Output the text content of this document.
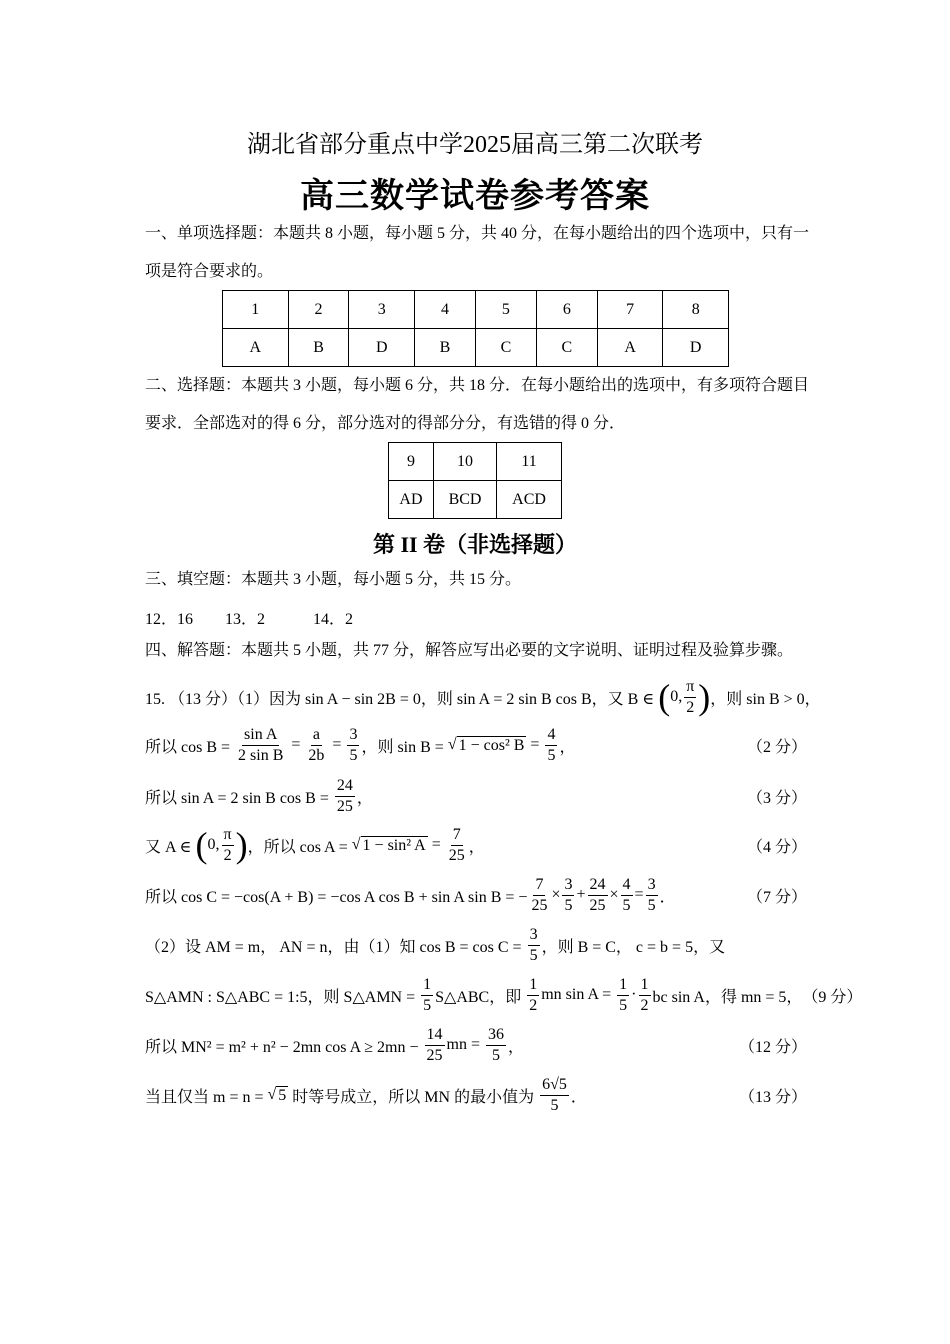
湖北省部分重点中学2025届高三第二次联考
高三数学试卷参考答案
一、单项选择题：本题共 8 小题，每小题 5 分，共 40 分，在每小题给出的四个选项中，只有一项是符合要求的。
1	2	3	4	5	6	7	8
A	B	D	B	C	C	A	D
二、选择题：本题共 3 小题，每小题 6 分，共 18 分．在每小题给出的选项中，有多项符合题目要求．全部选对的得 6 分，部分选对的得部分分，有选错的得 0 分．
9	10	11
AD	BCD	ACD
第 II 卷（非选择题）
三、填空题：本题共 3 小题，每小题 5 分，共 15 分。
12．16　　13．2　　　14．2
四、解答题：本题共 5 小题，共 77 分，解答应写出必要的文字说明、证明过程及验算步骤。
15. （13 分）（1）因为 sin A − sin 2B = 0，则 sin A = 2 sin B cos B，又 B ∈ ( 0, $\frac{\pi}{2}$ ) ，则 sin B > 0，
所以 $\cos B = \frac{\text{sin A}}{\text{2 sin B}} = \frac{a}{2b} = \frac{3}{5}$ ，则 sin B = √ 1 − cos² $B = \frac{4}{5}$ ，	（2 分）
所以 sin A = 2 sin B $\cos B = \frac{24}{25}$ ，	（3 分）
又 A ∈ ( 0, $\frac{\pi}{2}$ ) ，所以 cos A = √ 1 − sin² $A = \frac{7}{25}$ ，	（4 分）
所以 cos C = −cos(A + B) = −cos A cos B + sin A sin B = − $\frac{7}{25} \times \frac{3}{5} + \frac{24}{25} \times \frac{4}{5} = \frac{3}{5}$ ．	（7 分）
（2）设 AM = m， AN = n，由（1）知 $\cos B = \cos C = \frac{3}{5}$ ，则 B = C， c = b = 5，又
S△AMN : S△ABC = 1:5，则 S△AMN = $\frac{1}{5}$ S△ABC，即 $\frac{1}{2}$ mn $\sin A = \frac{1}{5} \cdot \frac{1}{2}$ bc sin A，得 mn = 5， （9 分）
所以 MN² = m² + n² − 2mn $\cos A \ge 2mn - \frac{14}{25}$ mn = $\frac{36}{5}$ ，	（12 分）
当且仅当 m = n = √ 5 时等号成立，所以 MN 的最小值为 $\frac{6√5}{5}$ ．	（13 分）
